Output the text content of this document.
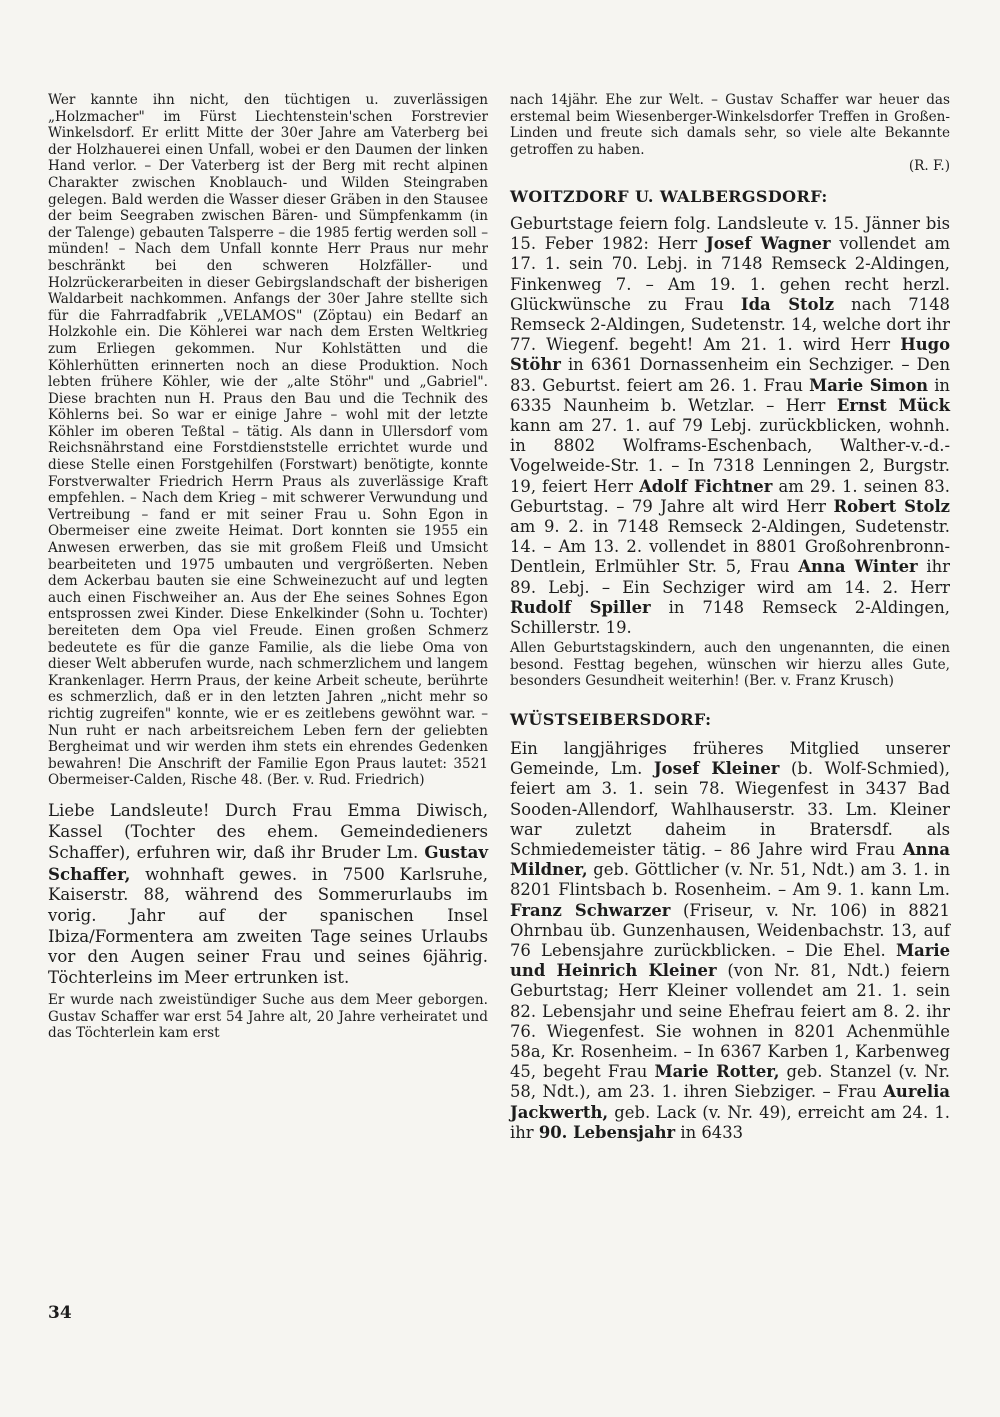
Wer kannte ihn nicht, den tüchtigen u. zuverlässigen „Holzmacher" im Fürst Liechtenstein'schen Forstrevier Winkelsdorf. Er erlitt Mitte der 30er Jahre am Vaterberg bei der Holzhauerei einen Unfall, wobei er den Daumen der linken Hand verlor. – Der Vaterberg ist der Berg mit recht alpinen Charakter zwischen Knoblauch- und Wilden Steingraben gelegen. Bald werden die Wasser dieser Gräben in den Stausee der beim Seegraben zwischen Bären- und Sümpfenkamm (in der Talenge) gebauten Talsperre – die 1985 fertig werden soll – münden! – Nach dem Unfall konnte Herr Praus nur mehr beschränkt bei den schweren Holzfäller- und Holzrückerarbeiten in dieser Gebirgslandschaft der bisherigen Waldarbeit nachkommen. Anfangs der 30er Jahre stellte sich für die Fahrradfabrik „VELAMOS" (Zöptau) ein Bedarf an Holzkohle ein. Die Köhlerei war nach dem Ersten Weltkrieg zum Erliegen gekommen. Nur Kohlstätten und die Köhlerhütten erinnerten noch an diese Produktion. Noch lebten frühere Köhler, wie der „alte Stöhr" und „Gabriel". Diese brachten nun H. Praus den Bau und die Technik des Köhlerns bei. So war er einige Jahre – wohl mit der letzte Köhler im oberen Teßtal – tätig. Als dann in Ullersdorf vom Reichsnährstand eine Forstdienststelle errichtet wurde und diese Stelle einen Forstgehilfen (Forstwart) benötigte, konnte Forstverwalter Friedrich Herrn Praus als zuverlässige Kraft empfehlen. – Nach dem Krieg – mit schwerer Verwundung und Vertreibung – fand er mit seiner Frau u. Sohn Egon in Obermeiser eine zweite Heimat. Dort konnten sie 1955 ein Anwesen erwerben, das sie mit großem Fleiß und Umsicht bearbeiteten und 1975 umbauten und vergrößerten. Neben dem Ackerbau bauten sie eine Schweinezucht auf und legten auch einen Fischweiher an. Aus der Ehe seines Sohnes Egon entsprossen zwei Kinder. Diese Enkelkinder (Sohn u. Tochter) bereiteten dem Opa viel Freude. Einen großen Schmerz bedeutete es für die ganze Familie, als die liebe Oma von dieser Welt abberufen wurde, nach schmerzlichem und langem Krankenlager. Herrn Praus, der keine Arbeit scheute, berührte es schmerzlich, daß er in den letzten Jahren „nicht mehr so richtig zugreifen" konnte, wie er es zeitlebens gewöhnt war. – Nun ruht er nach arbeitsreichem Leben fern der geliebten Bergheimat und wir werden ihm stets ein ehrendes Gedenken bewahren! Die Anschrift der Familie Egon Praus lautet: 3521 Obermeiser-Calden, Rische 48. (Ber. v. Rud. Friedrich)

Liebe Landsleute! Durch Frau Emma Diwisch, Kassel (Tochter des ehem. Gemeindedieners Schaffer), erfuhren wir, daß ihr Bruder Lm. Gustav Schaffer, wohnhaft gewes. in 7500 Karlsruhe, Kaiserstr. 88, während des Sommerurlaubs im vorig. Jahr auf der spanischen Insel Ibiza/Formentera am zweiten Tage seines Urlaubs vor den Augen seiner Frau und seines 6jährig. Töchterleins im Meer ertrunken ist.

Er wurde nach zweistündiger Suche aus dem Meer geborgen. Gustav Schaffer war erst 54 Jahre alt, 20 Jahre verheiratet und das Töchterlein kam erst

nach 14jähr. Ehe zur Welt. – Gustav Schaffer war heuer das erstemal beim Wiesenberger-Winkelsdorfer Treffen in Großen-Linden und freute sich damals sehr, so viele alte Bekannte getroffen zu haben.

(R. F.)

WOITZDORF U. WALBERGSDORF:

Geburtstage feiern folg. Landsleute v. 15. Jänner bis 15. Feber 1982: Herr Josef Wagner vollendet am 17. 1. sein 70. Lebj. in 7148 Remseck 2-Aldingen, Finkenweg 7. – Am 19. 1. gehen recht herzl. Glückwünsche zu Frau Ida Stolz nach 7148 Remseck 2-Aldingen, Sudetenstr. 14, welche dort ihr 77. Wiegenf. begeht! Am 21. 1. wird Herr Hugo Stöhr in 6361 Dornassenheim ein Sechziger. – Den 83. Geburtst. feiert am 26. 1. Frau Marie Simon in 6335 Naunheim b. Wetzlar. – Herr Ernst Mück kann am 27. 1. auf 79 Lebj. zurückblicken, wohnh. in 8802 Wolframs-Eschenbach, Walther-v.-d.-Vogelweide-Str. 1. – In 7318 Lenningen 2, Burgstr. 19, feiert Herr Adolf Fichtner am 29. 1. seinen 83. Geburtstag. – 79 Jahre alt wird Herr Robert Stolz am 9. 2. in 7148 Remseck 2-Aldingen, Sudetenstr. 14. – Am 13. 2. vollendet in 8801 Großohrenbronn-Dentlein, Erlmühler Str. 5, Frau Anna Winter ihr 89. Lebj. – Ein Sechziger wird am 14. 2. Herr Rudolf Spiller in 7148 Remseck 2-Aldingen, Schillerstr. 19.

Allen Geburtstagskindern, auch den ungenannten, die einen besond. Festtag begehen, wünschen wir hierzu alles Gute, besonders Gesundheit weiterhin! (Ber. v. Franz Krusch)

WÜSTSEIBERSDORF:

Ein langjähriges früheres Mitglied unserer Gemeinde, Lm. Josef Kleiner (b. Wolf-Schmied), feiert am 3. 1. sein 78. Wiegenfest in 3437 Bad Sooden-Allendorf, Wahlhauserstr. 33. Lm. Kleiner war zuletzt daheim in Bratersdf. als Schmiedemeister tätig. – 86 Jahre wird Frau Anna Mildner, geb. Göttlicher (v. Nr. 51, Ndt.) am 3. 1. in 8201 Flintsbach b. Rosenheim. – Am 9. 1. kann Lm. Franz Schwarzer (Friseur, v. Nr. 106) in 8821 Ohrnbau üb. Gunzenhausen, Weidenbachstr. 13, auf 76 Lebensjahre zurückblicken. – Die Ehel. Marie und Heinrich Kleiner (von Nr. 81, Ndt.) feiern Geburtstag; Herr Kleiner vollendet am 21. 1. sein 82. Lebensjahr und seine Ehefrau feiert am 8. 2. ihr 76. Wiegenfest. Sie wohnen in 8201 Achenmühle 58a, Kr. Rosenheim. – In 6367 Karben 1, Karbenweg 45, begeht Frau Marie Rotter, geb. Stanzel (v. Nr. 58, Ndt.), am 23. 1. ihren Siebziger. – Frau Aurelia Jackwerth, geb. Lack (v. Nr. 49), erreicht am 24. 1. ihr 90. Lebensjahr in 6433

34
